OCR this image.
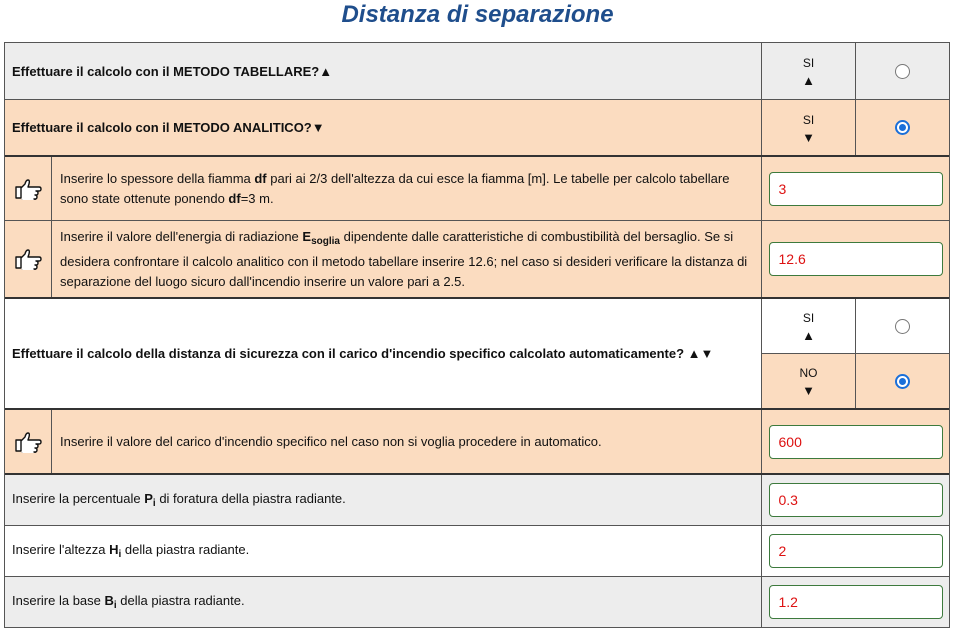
Distanza di separazione
Effettuare il calcolo con il METODO TABELLARE?▲
SI
▲
Effettuare il calcolo con il METODO ANALITICO?▼
SI
▼
Inserire lo spessore della fiamma df pari ai 2/3 dell'altezza da cui esce la fiamma [m]. Le tabelle per calcolo tabellare sono state ottenute ponendo df=3 m.
3
Inserire il valore dell'energia di radiazione $E_{soglia}$ dipendente dalle caratteristiche di combustibilità del bersaglio. Se si desidera confrontare il calcolo analitico con il metodo tabellare inserire 12.6; nel caso si desideri verificare la distanza di separazione del luogo sicuro dall'incendio inserire un valore pari a 2.5.
12.6
Effettuare il calcolo della distanza di sicurezza con il carico d'incendio specifico calcolato automaticamente? ▲▼
SI
▲
NO
▼
Inserire il valore del carico d'incendio specifico nel caso non si voglia procedere in automatico.
600
Inserire la percentuale $P_i$ di foratura della piastra radiante.
0.3
Inserire l'altezza $H_i$ della piastra radiante.
2
Inserire la base $B_i$ della piastra radiante.
1.2
